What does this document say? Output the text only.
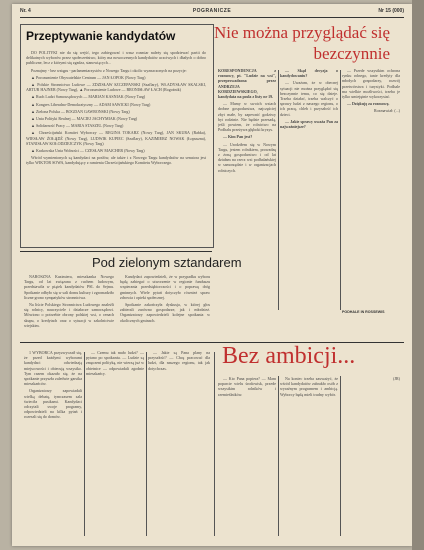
Nr. 4	POGRANICZE	Nr 15 (000)
Przeptywanie kandydatów

DO POLITYKI nie da się wejść, tego zabiegować i wasz rozmiar należy się spodziewać partii do delikatnych wyborów przez społeczeństwo, który ma nowoczesnych kandydatów uczciwych i dbałych o dobro publiczne, lecz z którymi się zgadza, stanowiących...

Poznajmy - bez wstępu - parlamentarzystów z Nowego Targu i okolic wyznaczonych na pozycje:

▲ Porozumienie Obywatelskie Centrum — JAN ŁOPOK (Nowy Targ)

▲ Polskie Stronnictwo Ludowe — ZDZISŁAW SZCZEPANSKI (Szaflary), WŁADYSŁAW SKALSKI, ARTUR HAJNER (Nowy Targ), ▲ Porozumienie Ludowe — BRONISŁAW ŁACH (Rogoźnik)

▲ Ruch Ludzi Samorządowych — MARIAN KASNIAK (Nowy Targ)

▲ Kongres Liberalno-Demokratyczny — ADAM SAWICKI (Nowy Targ)

▲ Zielona Polska — BOGDAN GAWRONSKI (Nowy Targ)

▲ Unia Polityki Realnej — MACIEJ JACHYMIAK (Nowy Targ)

▲ Solidarność Pracy — MARIA STASZEL (Nowy Targ)

▲ Chrześcijański Komitet Wyborczy — REGINA TOKARZ (Nowy Targ), JAN SKURA (Rabka), WIESŁAW ŻOŁĄDŹ (Nowy Targ), LUDWIK KUPIEC (Szaflary), KAZIMIERZ NOWAK (Łopuszna), STANISŁAW KOŁODZIEJCZYK (Nowy Targ)

▲ Krakowska Unia Wolności — CZESŁAW MAJCHER (Nowy Targ)

Wśród wymienionych są kandydaci na posłów, ale także i z Nowego Targu kandydatów na senatora jest tylko WIKTOR SOWA, kandydujący z ramienia Chrześcijańskiego Komitetu Wyborczego.

Nie można przyglądać się
bezczynnie

KORESPONDENCJA z rozmowy, pt. "Ludzie na wsi", przeprowadzona przez ANDRZEJA KORDZIEWSKIEGO, kandydata na posła z listy nr 19.

— Mamy w swoich wsiach drobne gospodarstwa, najczęściej zbyt małe, by zapewnić godziwy byt rodzinie. Nie będzie przesadą, jeśli powiem, że rolnictwo na Podhalu przeżywa głęboki kryzys.

— Kim Pan jest?

— Urodziłem się w Nowym Targu, jestem rolnikiem, prowadzę z żoną gospodarstwo i od lat działam na rzecz wsi podhalańskiej w samorządzie i w organizacjach rolniczych.

— Skąd decyzja o kandydowaniu?

— Uważam, że w obecnej sytuacji nie można przyglądać się bezczynnie temu, co się dzieje. Trzeba działać, trzeba walczyć o sprawy ludzi z naszego regionu, o ich pracę, chleb i przyszłość ich dzieci.

— Jakie sprawy uważa Pan za najważniejsze?

— Przede wszystkim ochrona rynku rolnego, tanie kredyty dla młodych gospodarzy, rozwój przetwórstwa i turystyki. Podhale ma wielkie możliwości, trzeba je tylko umiejętnie wykorzystać.

— Dziękuję za rozmowę.

Rozmawiał: (...)

PODHALE IN ROSSEWIS
Pod zielonym sztandarem

NAROSZNA Kazimiera, mieszkanka Nowego Targu, od lat związana z ruchem ludowym, przedstawiła w piątek kandydatów PSL do Sejmu. Spotkanie odbyło się w sali domu kultury i zgromadziło liczne grono sympatyków stronnictwa.

Na liście Polskiego Stronnictwa Ludowego znaleźli się rolnicy, nauczyciele i działacze samorządowi. Mówiono o potrzebie obrony polskiej wsi, o cenach skupu, o kredytach oraz o sytuacji w szkolnictwie wiejskim.

Kandydaci zapowiedzieli, że w przypadku wyboru będą zabiegać o utworzenie w regionie funduszu wspierania przedsiębiorczości i o poprawę dróg gminnych. Wiele pytań dotyczyło również spraw zdrowia i opieki społecznej.

Spotkanie zakończyła dyskusja, w której głos zabierali zarówno gospodarze, jak i młodzież. Organizatorzy zapowiedzieli kolejne spotkania w okolicznych gminach.

Bez ambicji...

1 WYBORCA przyzwyczaił się, że przed każdymi wyborami kandydaci odwiedzają miejscowości i obiecują wszystko. Tym razem okazało się, że na spotkanie przyszła zaledwie garstka mieszkańców.

Organizatorzy zapowiadali wielką debatę, tymczasem sala świeciła pustkami. Kandydaci odczytali swoje programy, odpowiedzieli na kilka pytań i rozeszli się do domów.

— Czemu tak mało ludzi? — pytano po spotkaniu. — Ludzie są zmęczeni polityką, nie wierzą już w obietnice — odpowiadali zgodnie mieszkańcy.

— Jakie są Pana plany na przyszłość? — Chcę pracować dla ludzi, dla naszego regionu, tak jak dotychczas.

— Kto Pana popiera? — Mam poparcie wielu środowisk, przede wszystkim rolników i rzemieślników.

Na koniec trzeba zauważyć, że wśród kandydatów zabrakło osób z wyraźnym programem i ambicją. Wyborcy będą mieli trudny wybór.

(JR)
